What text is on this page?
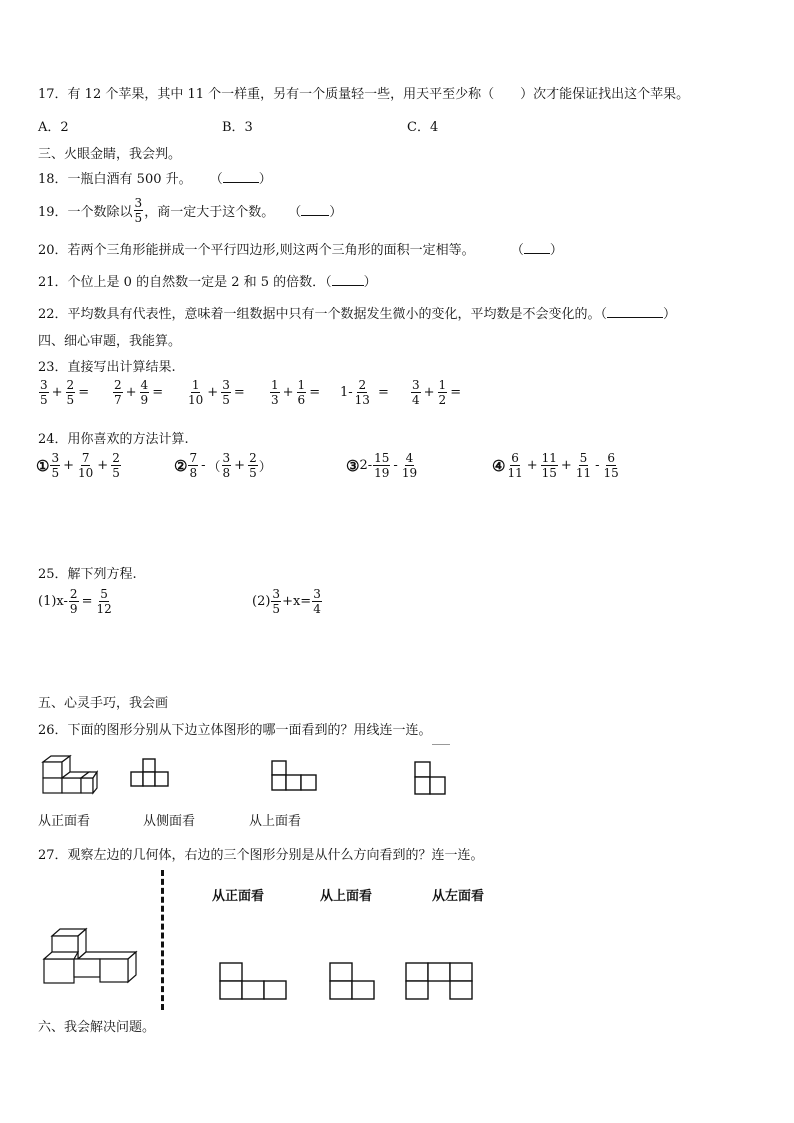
17．有 12 个苹果，其中 11 个一样重，另有一个质量轻一些，用天平至少称（ ）次才能保证找出这个苹果。
A．2	B．3	C．4
三、火眼金睛，我会判。
18．一瓶白酒有 500 升。 （	）
19．一个数除以 $\frac{3}{5}$ ，商一定大于这个数。 （ ）
20．若两个三角形能拼成一个平行四边形,则这两个三角形的面积一定相等。	（ ）
21．个位上是 0 的自然数一定是 2 和 5 的倍数．（ ）
22．平均数具有代表性，意味着一组数据中只有一个数据发生微小的变化，平均数是不会变化的。（	）
四、细心审题，我能算。
23．直接写出计算结果.
$\frac{3}{5} + \frac{2}{5} = \frac{2}{7} + \frac{4}{9} = \frac{1}{10} + \frac{3}{5} = \frac{1}{3} + \frac{1}{6} = 1- \frac{2}{13} = \frac{3}{4} + \frac{1}{2}$ =
24．用你喜欢的方法计算.
① $\frac{3}{5} + \frac{7}{10} + \frac{2}{5}$	② $\frac{7}{8}$ - （ $\frac{3}{8} + \frac{2}{5}$ ）	③ $2- \frac{15}{19} - \frac{4}{19}$	④ $\frac{6}{11} + \frac{11}{15} + \frac{5}{11} - \frac{6}{15}$
25．解下列方程.
$(1)x- \frac{2}{9} = \frac{5}{12}$	$(2) \frac{3}{5} +x= \frac{3}{4}$
五、心灵手巧，我会画
26．下面的图形分别从下边立体图形的哪一面看到的？用线连一连。
从正面看	从侧面看	从上面看
27．观察左边的几何体，右边的三个图形分别是从什么方向看到的？连一连。
从正面看	从上面看	从左面看
六、我会解决问题。
